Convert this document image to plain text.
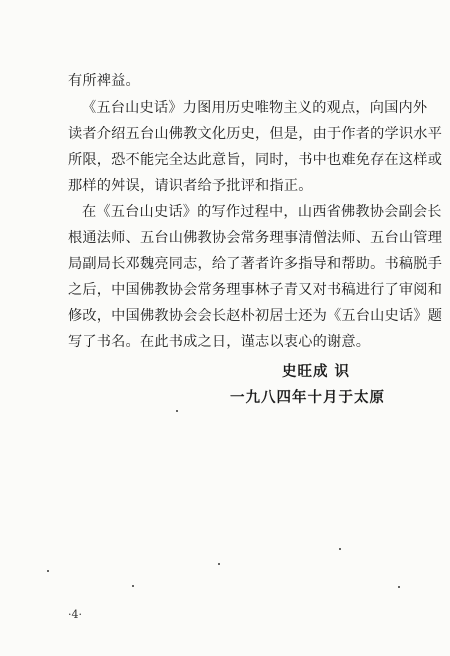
有所禆益。
《五台山史话》力图用历史唯物主义的观点，向国内外
读者介绍五台山佛教文化历史，但是，由于作者的学识水平
所限，恐不能完全达此意旨，同时，书中也难免存在这样或
那样的舛误，请识者给予批评和指正。
在《五台山史话》的写作过程中，山西省佛教协会副会长
根通法师、五台山佛教协会常务理事清僧法师、五台山管理
局副局长邓魏亮同志，给了著者许多指导和帮助。书稿脱手
之后，中国佛教协会常务理事林子青又对书稿进行了审阅和
修改，中国佛教协会会长赵朴初居士还为《五台山史话》题
写了书名。在此书成之日，谨志以衷心的谢意。
史旺成 识
一九八四年十月于太原
·4·
